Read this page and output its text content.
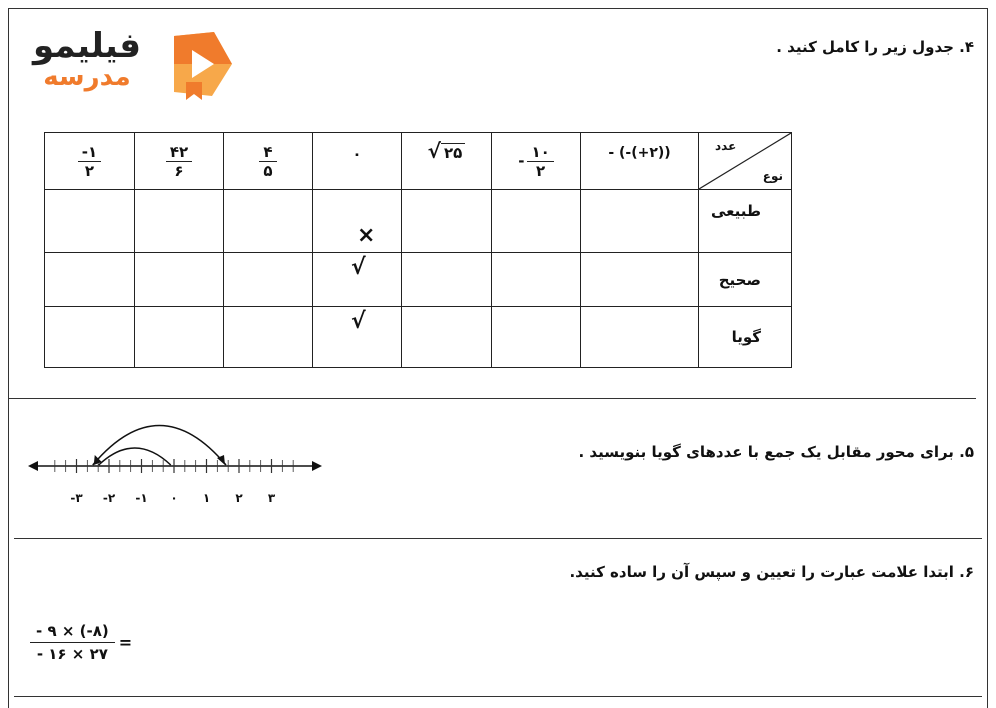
فیلیمو
مدرسه
۴. جدول زیر را کامل کنید .
$\frac{-۱}{۲}$	$\frac{۴۲}{۶}$	$\frac{۴}{۵}$	۰	√ ۲۵	- $\frac{۱۰}{۲}$	- (-(+۲))	عدد
نوع

			×				طبیعی

			√				صحیح

			√				گویا
۵. برای محور مقابل یک جمع با عددهای گویا بنویسید .
-۳ -۲ -۱ ۰ ۱ ۲ ۳
۶. ابتدا علامت عبارت را تعیین و سپس آن را ساده کنید.
$\frac{- ۹ \times (-۸)}{- ۱۶ \times ۲۷}$ =
